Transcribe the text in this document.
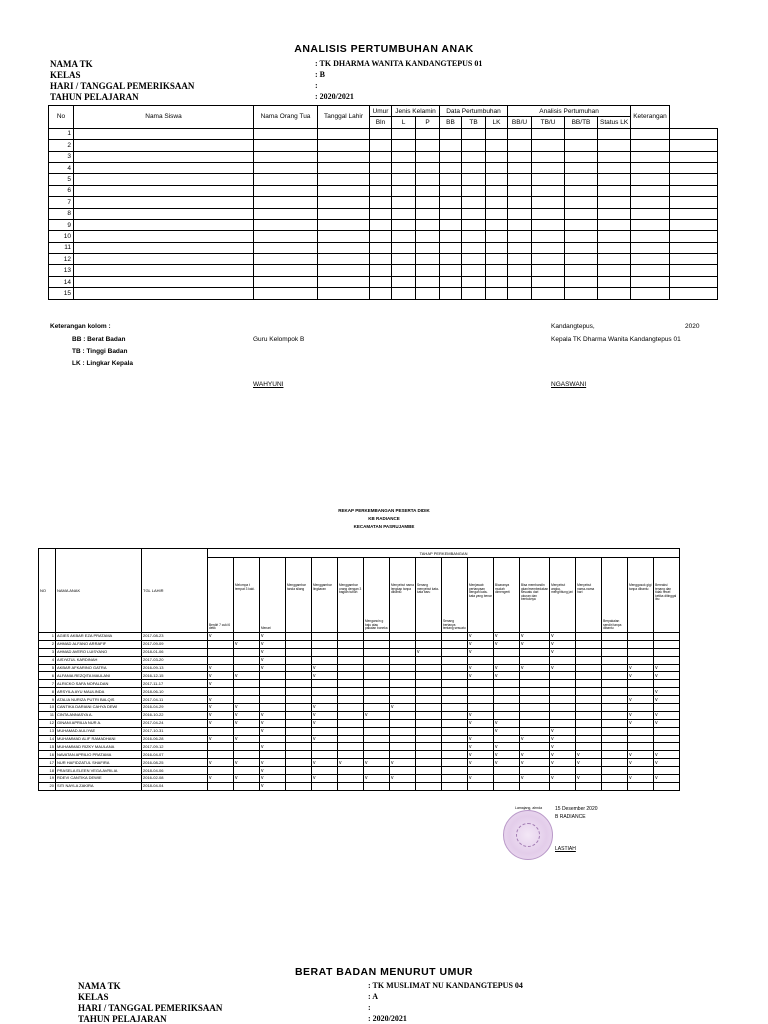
ANALISIS PERTUMBUHAN ANAK
NAMA TK	: TK DHARMA WANITA KANDANGTEPUS 01
KELAS	: B
HARI / TANGGAL PEMERIKSAAN	:
TAHUN PELAJARAN	: 2020/2021
No	Nama Siswa	Nama Orang Tua	Tanggal Lahir	Umur	Jenis Kelamin		Data Pertumbuhan			Analisis Pertumuhan				Keterangan	
				Bln	L	P	BB	TB	LK	BB/U	TB/U	BB/TB	Status LK		
1															
2															
3															
4															
5															
6															
7															
8															
9															
10															
11															
12															
13															
14															
15															
Keterangan kolom :
BB : Berat Badan
TB : Tinggi Badan
LK : Lingkar Kepala
Guru Kelompok B
Kandangtepus,	2020
Kepala TK Dharma Wanita Kandangtepus 01
WAHYUNI	NGASWANI
REKAP PERKEMBANGAN PESERTA DIDIK
KB RADIANCE
KECAMATAN PASRUJAMBE
NO	NAMA ANAK	TGL LAHIR	TAHAP PERKEMBANGAN																	

			Berdiri 7 cuki 6 detik	Melompa t tempat 3 kaki.	Menari	Menggambar tanda silang	Menggambar lingkaran	Menggambar orang dengan 3 bagian tubuh	Mengancin g baju atau pakaian boneka	Menyebut nama lengkap tanpa dibantu	Senang menyebut kata-kata baru	Senang bertanya tentang sesuatu	Menjawab pertanyaan dengan kata-kata yang benar	Bicaranya mudah dimengerti	Bisa membandin gkan/membedakan sesuatu dari ukuran dan bentuknya	Menyebut angka, menghitung jari	Menyebut nama-nama hari	Berpakaian sendiri tanpa dibantu	Menggosok gigi tanpa dibantu	Bereaksi tenang dan tidak rewel ketika ditinggal ibu

1	AGIES AKBAR EZA PRATAMA	2017-08-23	v		v								v	v	v	v				
2	AHMAD ALFANO ARRAFIF	2017-09-09		v	v								v	v	v	v				
3	AHMAD AVERO LUISYANO	2018-01-06			v						v		v			v				
4	AISYATUL KARDINAH	2017-03-20			v															
5	AKBAR AFKARINO GATRA	2016-09-13	v		v		v						v	v	v	v			v	v
6	ALFANIA REZQITA MAULANI	2016-12-15	v	v			v						v	v					v	v
7	ALRICKO SAFA NOFALDAN	2017-11-17	v																	
8	ARSYILA AYU MAULINDA	2018-06-10																		v
9	ATALIA NURIZA PUTRI BALQIS	2017-04-11	v																v	v
10	CANTIKA DARIANI CAHYA DEWI	2016-04-29	v	v			v			v										
11	CINTA ANNASYA A.	2016-10-22	v	v	v		v		v				v						v	v
12	GINANI APRILIA NUR A.	2017-04-24	v	v	v		v						v	v					v	v
13	MUHAMAD AULIYAE	2017-10-31			v									v		v				
14	MUHAMMAD ALIF RAMADHANI	2016-06-28	v	v			v						v		v	v				
15	MUHAMMAD RIZKY MAULANA	2017-09-12			v								v	v		v				
16	NAVATAN APRILIO PRATAMA	2016-04-07											v	v	v	v	v		v	v
17	NUR HAFIDZATUL SHAFIRA	2016-08-25	v	v	v		v	v	v	v			v	v	v	v	v		v	v
18	PRASELA ELEEN VEGA AVRILIA	2018-04-06			v															
19	RDEVI CANTIKA DEWIE	2016-02-08	v	v	v		v		v	v			v		v	v	v		v	v
20	SITI NAYLA ZAKIRA	2018-04-04			v															
Lamajang, alrnda	15 Desember 2020
B RADIANCE
LASTIAH
BERAT BADAN MENURUT UMUR
NAMA TK	: TK MUSLIMAT NU KANDANGTEPUS 04
KELAS	: A
HARI / TANGGAL PEMERIKSAAN	:
TAHUN PELAJARAN	: 2020/2021
